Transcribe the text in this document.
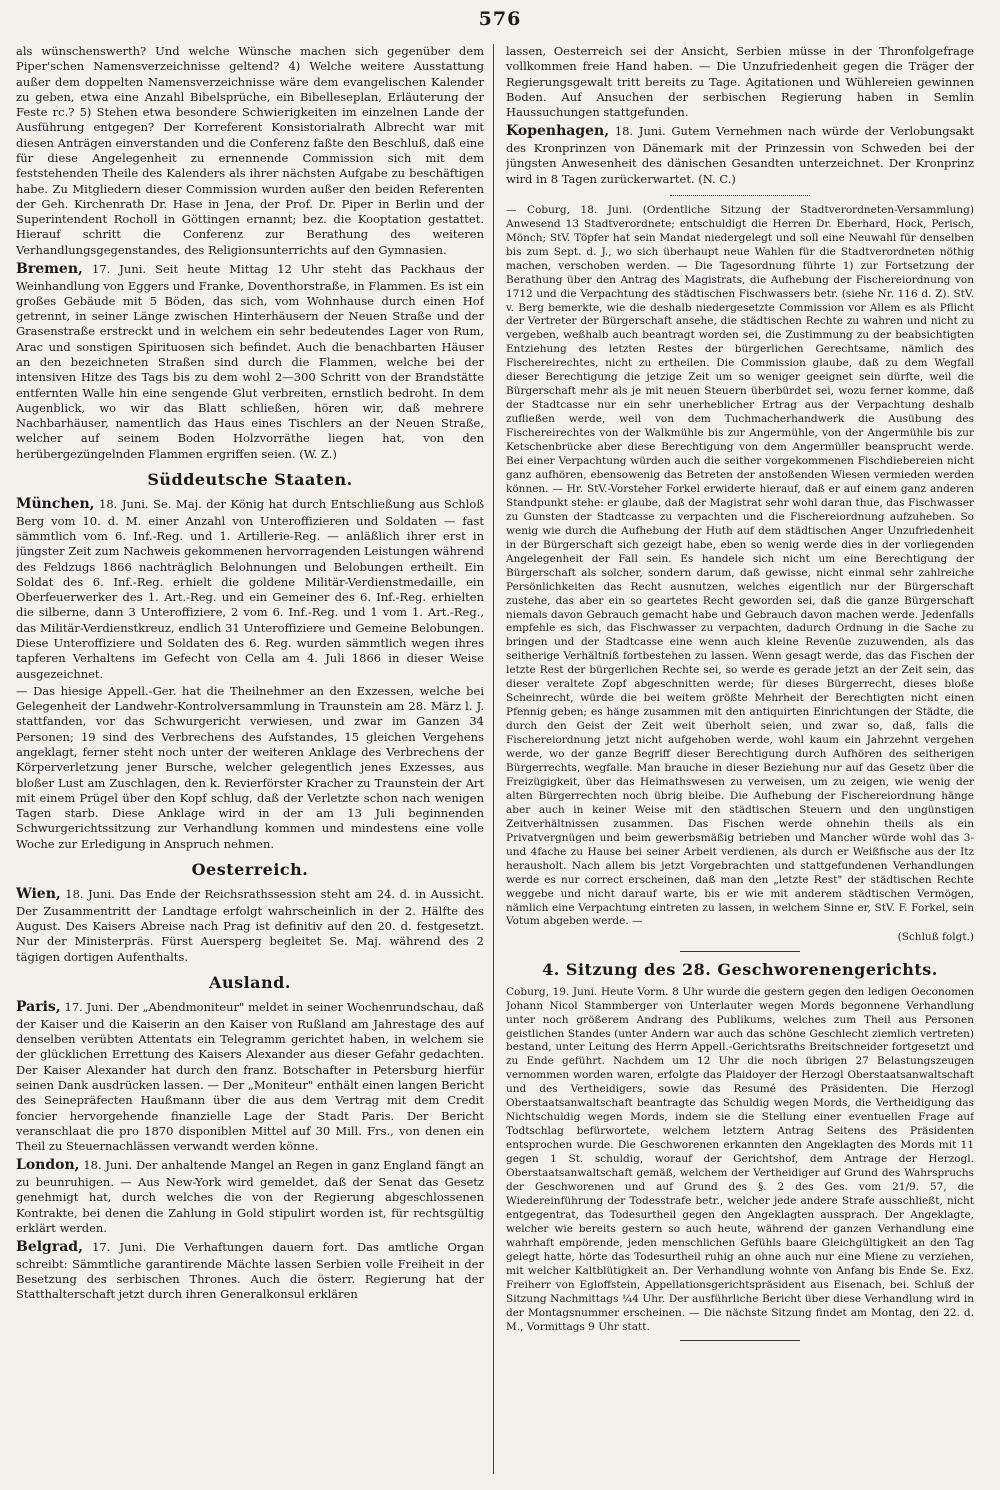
576

als wünschenswerth? Und welche Wünsche machen sich gegenüber dem Piper'schen Namensverzeichnisse geltend? 4) Welche weitere Ausstattung außer dem doppelten Namensverzeichnisse wäre dem evangelischen Kalender zu geben, etwa eine Anzahl Bibelsprüche, ein Bibelleseplan, Erläuterung der Feste rc.? 5) Stehen etwa besondere Schwierigkeiten im einzelnen Lande der Ausführung entgegen? Der Korreferent Konsistorialrath Albrecht war mit diesen Anträgen einverstanden und die Conferenz faßte den Beschluß, daß eine für diese Angelegenheit zu ernennende Commission sich mit dem feststehenden Theile des Kalenders als ihrer nächsten Aufgabe zu beschäftigen habe. Zu Mitgliedern dieser Commission wurden außer den beiden Referenten der Geh. Kirchenrath Dr. Hase in Jena, der Prof. Dr. Piper in Berlin und der Superintendent Rocholl in Göttingen ernannt; bez. die Kooptation gestattet. Hierauf schritt die Conferenz zur Berathung des weiteren Verhandlungsgegenstandes, des Religionsunterrichts auf den Gymnasien.

Bremen, 17. Juni. Seit heute Mittag 12 Uhr steht das Packhaus der Weinhandlung von Eggers und Franke, Doventhorstraße, in Flammen. Es ist ein großes Gebäude mit 5 Böden, das sich, vom Wohnhause durch einen Hof getrennt, in seiner Länge zwischen Hinterhäusern der Neuen Straße und der Grasenstraße erstreckt und in welchem ein sehr bedeutendes Lager von Rum, Arac und sonstigen Spirituosen sich befindet. Auch die benachbarten Häuser an den bezeichneten Straßen sind durch die Flammen, welche bei der intensiven Hitze des Tags bis zu dem wohl 2—300 Schritt von der Brandstätte entfernten Walle hin eine sengende Glut verbreiten, ernstlich bedroht. In dem Augenblick, wo wir das Blatt schließen, hören wir, daß mehrere Nachbarhäuser, namentlich das Haus eines Tischlers an der Neuen Straße, welcher auf seinem Boden Holzvorräthe liegen hat, von den herübergezüngelnden Flammen ergriffen seien. (W. Z.)

Süddeutsche Staaten.

München, 18. Juni. Se. Maj. der König hat durch Entschließung aus Schloß Berg vom 10. d. M. einer Anzahl von Unteroffizieren und Soldaten — fast sämmtlich vom 6. Inf.-Reg. und 1. Artillerie-Reg. — anläßlich ihrer erst in jüngster Zeit zum Nachweis gekommenen hervorragenden Leistungen während des Feldzugs 1866 nachträglich Belohnungen und Belobungen ertheilt. Ein Soldat des 6. Inf.-Reg. erhielt die goldene Militär-Verdienstmedaille, ein Oberfeuerwerker des 1. Art.-Reg. und ein Gemeiner des 6. Inf.-Reg. erhielten die silberne, dann 3 Unteroffiziere, 2 vom 6. Inf.-Reg. und 1 vom 1. Art.-Reg., das Militär-Verdienstkreuz, endlich 31 Unteroffiziere und Gemeine Belobungen. Diese Unteroffiziere und Soldaten des 6. Reg. wurden sämmtlich wegen ihres tapferen Verhaltens im Gefecht von Cella am 4. Juli 1866 in dieser Weise ausgezeichnet.

— Das hiesige Appell.-Ger. hat die Theilnehmer an den Exzessen, welche bei Gelegenheit der Landwehr-Kontrolversammlung in Traunstein am 28. März l. J. stattfanden, vor das Schwurgericht verwiesen, und zwar im Ganzen 34 Personen; 19 sind des Verbrechens des Aufstandes, 15 gleichen Vergehens angeklagt, ferner steht noch unter der weiteren Anklage des Verbrechens der Körperverletzung jener Bursche, welcher gelegentlich jenes Exzesses, aus bloßer Lust am Zuschlagen, den k. Revierförster Kracher zu Traunstein der Art mit einem Prügel über den Kopf schlug, daß der Verletzte schon nach wenigen Tagen starb. Diese Anklage wird in der am 13 Juli beginnenden Schwurgerichtssitzung zur Verhandlung kommen und mindestens eine volle Woche zur Erledigung in Anspruch nehmen.

Oesterreich.

Wien, 18. Juni. Das Ende der Reichsrathssession steht am 24. d. in Aussicht. Der Zusammentritt der Landtage erfolgt wahrscheinlich in der 2. Hälfte des August. Des Kaisers Abreise nach Prag ist definitiv auf den 20. d. festgesetzt. Nur der Ministerpräs. Fürst Auersperg begleitet Se. Maj. während des 2 tägigen dortigen Aufenthalts.

Ausland.

Paris, 17. Juni. Der „Abendmoniteur" meldet in seiner Wochenrundschau, daß der Kaiser und die Kaiserin an den Kaiser von Rußland am Jahrestage des auf denselben verübten Attentats ein Telegramm gerichtet haben, in welchem sie der glücklichen Errettung des Kaisers Alexander aus dieser Gefahr gedachten. Der Kaiser Alexander hat durch den franz. Botschafter in Petersburg hierfür seinen Dank ausdrücken lassen. — Der „Moniteur" enthält einen langen Bericht des Seinepräfecten Haußmann über die aus dem Vertrag mit dem Credit foncier hervorgehende finanzielle Lage der Stadt Paris. Der Bericht veranschlaat die pro 1870 disponiblen Mittel auf 30 Mill. Frs., von denen ein Theil zu Steuernachlässen verwandt werden könne.

London, 18. Juni. Der anhaltende Mangel an Regen in ganz England fängt an zu beunruhigen. — Aus New-York wird gemeldet, daß der Senat das Gesetz genehmigt hat, durch welches die von der Regierung abgeschlossenen Kontrakte, bei denen die Zahlung in Gold stipulirt worden ist, für rechtsgültig erklärt werden.

Belgrad, 17. Juni. Die Verhaftungen dauern fort. Das amtliche Organ schreibt: Sämmtliche garantirende Mächte lassen Serbien volle Freiheit in der Besetzung des serbischen Thrones. Auch die österr. Regierung hat der Statthalterschaft jetzt durch ihren Generalkonsul erklären

lassen, Oesterreich sei der Ansicht, Serbien müsse in der Thronfolgefrage vollkommen freie Hand haben. — Die Unzufriedenheit gegen die Träger der Regierungsgewalt tritt bereits zu Tage. Agitationen und Wühlereien gewinnen Boden. Auf Ansuchen der serbischen Regierung haben in Semlin Haussuchungen stattgefunden.

Kopenhagen, 18. Juni. Gutem Vernehmen nach würde der Verlobungsakt des Kronprinzen von Dänemark mit der Prinzessin von Schweden bei der jüngsten Anwesenheit des dänischen Gesandten unterzeichnet. Der Kronprinz wird in 8 Tagen zurückerwartet. (N. C.)

— Coburg, 18. Juni. (Ordentliche Sitzung der Stadtverordneten-Versammlung) Anwesend 13 Stadtverordnete; entschuldigt die Herren Dr. Eberhard, Hock, Perisch, Mönch; StV. Töpfer hat sein Mandat niedergelegt und soll eine Neuwahl für denselben bis zum Sept. d. J., wo sich überhaupt neue Wahlen für die Stadtverordneten nöthig machen, verschoben werden. — Die Tagesordnung führte 1) zur Fortsetzung der Berathung über den Antrag des Magistrats, die Aufhebung der Fischereiordnung von 1712 und die Verpachtung des städtischen Fischwassers betr. (siehe Nr. 116 d. Z). StV. v. Berg bemerkte, wie die deshalb niedergesetzte Commission vor Allem es als Pflicht der Vertreter der Bürgerschaft ansehe, die städtischen Rechte zu wahren und nicht zu vergeben, weßhalb auch beantragt worden sei, die Zustimmung zu der beabsichtigten Entziehung des letzten Restes der bürgerlichen Gerechtsame, nämlich des Fischereirechtes, nicht zu ertheilen. Die Commission glaube, daß zu dem Wegfall dieser Berechtigung die jetzige Zeit um so weniger geeignet sein dürfte, weil die Bürgerschaft mehr als je mit neuen Steuern überbürdet sei, wozu ferner komme, daß der Stadtcasse nur ein sehr unerheblicher Ertrag aus der Verpachtung deshalb zufließen werde, weil von dem Tuchmacherhandwerk die Ausübung des Fischereirechtes von der Walkmühle bis zur Angermühle, von der Angermühle bis zur Ketschenbrücke aber diese Berechtigung von dem Angermüller beansprucht werde. Bei einer Verpachtung würden auch die seither vorgekommenen Fischdiebereien nicht ganz aufhören, ebensowenig das Betreten der anstoßenden Wiesen vermieden werden können. — Hr. StV.-Vorsteher Forkel erwiderte hierauf, daß er auf einem ganz anderen Standpunkt stehe: er glaube, daß der Magistrat sehr wohl daran thue, das Fischwasser zu Gunsten der Stadtcasse zu verpachten und die Fischereiordnung aufzuheben. So wenig wie durch die Aufhebung der Huth auf dem städtischen Anger Unzufriedenheit in der Bürgerschaft sich gezeigt habe, eben so wenig werde dies in der vorliegenden Angelegenheit der Fall sein. Es handele sich nicht um eine Berechtigung der Bürgerschaft als solcher, sondern darum, daß gewisse, nicht einmal sehr zahlreiche Persönlichkeiten das Recht ausnutzen, welches eigentlich nur der Bürgerschaft zustehe, das aber ein so geartetes Recht geworden sei, daß die ganze Bürgerschaft niemals davon Gebrauch gemacht habe und Gebrauch davon machen werde. Jedenfalls empfehle es sich, das Fischwasser zu verpachten, dadurch Ordnung in die Sache zu bringen und der Stadtcasse eine wenn auch kleine Revenüe zuzuwenden, als das seitherige Verhältniß fortbestehen zu lassen. Wenn gesagt werde, das das Fischen der letzte Rest der bürgerlichen Rechte sei, so werde es gerade jetzt an der Zeit sein, das dieser veraltete Zopf abgeschnitten werde; für dieses Bürgerrecht, dieses bloße Scheinrecht, würde die bei weitem größte Mehrheit der Berechtigten nicht einen Pfennig geben; es hänge zusammen mit den antiquirten Einrichtungen der Städte, die durch den Geist der Zeit weit überholt seien, und zwar so, daß, falls die Fischereiordnung jetzt nicht aufgehoben werde, wohl kaum ein Jahrzehnt vergehen werde, wo der ganze Begriff dieser Berechtigung durch Aufhören des seitherigen Bürgerrechts, wegfalle. Man brauche in dieser Beziehung nur auf das Gesetz über die Freizügigkeit, über das Heimathswesen zu verweisen, um zu zeigen, wie wenig der alten Bürgerrechten noch übrig bleibe. Die Aufhebung der Fischereiordnung hänge aber auch in keiner Weise mit den städtischen Steuern und den ungünstigen Zeitverhältnissen zusammen. Das Fischen werde ohnehin theils als ein Privatvergnügen und beim gewerbsmäßig betrieben und Mancher würde wohl das 3- und 4fache zu Hause bei seiner Arbeit verdienen, als durch er Weißfische aus der Itz herausholt. Nach allem bis jetzt Vorgebrachten und stattgefundenen Verhandlungen werde es nur correct erscheinen, daß man den „letzte Rest" der städtischen Rechte weggebe und nicht darauf warte, bis er wie mit anderem städtischen Vermögen, nämlich eine Verpachtung eintreten zu lassen, in welchem Sinne er, StV. F. Forkel, sein Votum abgeben werde. —

(Schluß folgt.)

4. Sitzung des 28. Geschworenengerichts.

Coburg, 19. Juni. Heute Vorm. 8 Uhr wurde die gestern gegen den ledigen Oeconomen Johann Nicol Stammberger von Unterlauter wegen Mords begonnene Verhandlung unter noch größerem Andrang des Publikums, welches zum Theil aus Personen geistlichen Standes (unter Andern war auch das schöne Geschlecht ziemlich vertreten) bestand, unter Leitung des Herrn Appell.-Gerichtsraths Breitschneider fortgesetzt und zu Ende geführt. Nachdem um 12 Uhr die noch übrigen 27 Belastungszeugen vernommen worden waren, erfolgte das Plaidoyer der Herzogl Oberstaatsanwaltschaft und des Vertheidigers, sowie das Resumé des Präsidenten. Die Herzogl Oberstaatsanwaltschaft beantragte das Schuldig wegen Mords, die Vertheidigung das Nichtschuldig wegen Mords, indem sie die Stellung einer eventuellen Frage auf Todtschlag befürwortete, welchem letztern Antrag Seitens des Präsidenten entsprochen wurde. Die Geschworenen erkannten den Angeklagten des Mords mit 11 gegen 1 St. schuldig, worauf der Gerichtshof, dem Antrage der Herzogl. Oberstaatsanwaltschaft gemäß, welchem der Vertheidiger auf Grund des Wahrspruchs der Geschworenen und auf Grund des §. 2 des Ges. vom 21/9. 57, die Wiedereinführung der Todesstrafe betr., welcher jede andere Strafe ausschließt, nicht entgegentrat, das Todesurtheil gegen den Angeklagten aussprach. Der Angeklagte, welcher wie bereits gestern so auch heute, während der ganzen Verhandlung eine wahrhaft empörende, jeden menschlichen Gefühls baare Gleichgültigkeit an den Tag gelegt hatte, hörte das Todesurtheil ruhig an ohne auch nur eine Miene zu verziehen, mit welcher Kaltblütigkeit an. Der Verhandlung wohnte von Anfang bis Ende Se. Exz. Freiherr von Egloffstein, Appellationsgerichtspräsident aus Eisenach, bei. Schluß der Sitzung Nachmittags ¼4 Uhr. Der ausführliche Bericht über diese Verhandlung wird in der Montagsnummer erscheinen. — Die nächste Sitzung findet am Montag, den 22. d. M., Vormittags 9 Uhr statt.
